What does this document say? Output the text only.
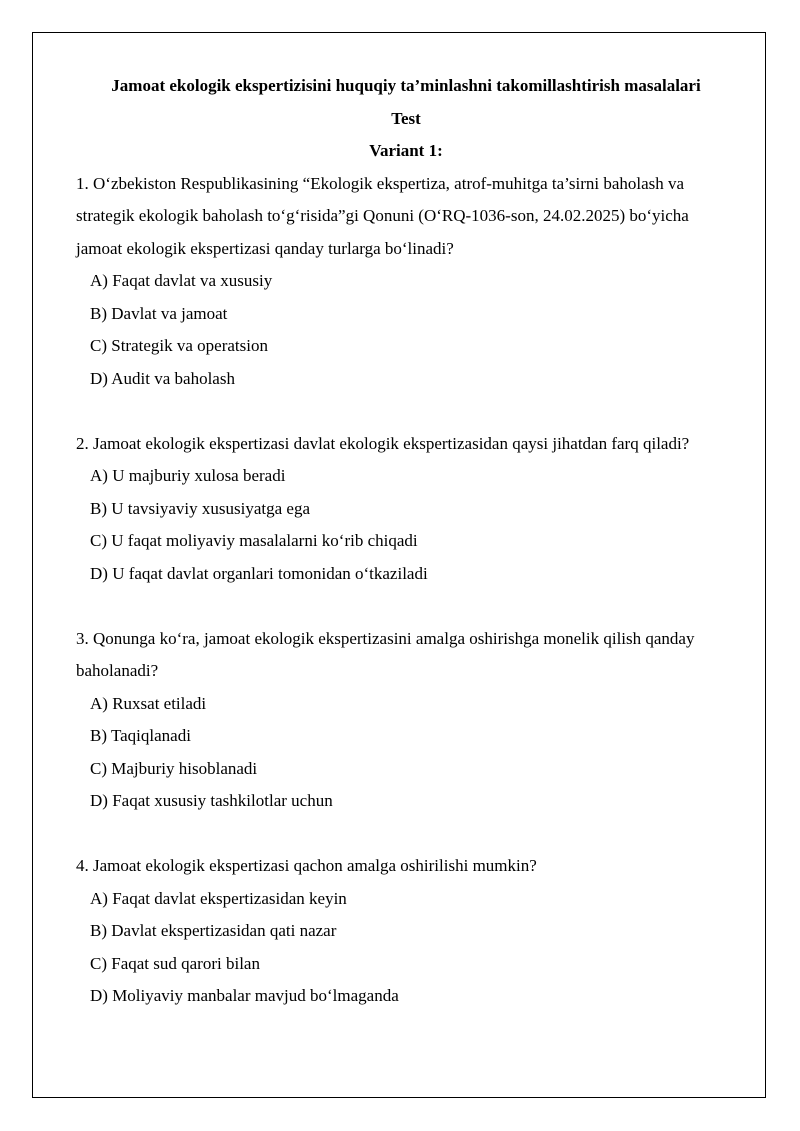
Jamoat ekologik ekspertizisini huquqiy ta’minlashni takomillashtirish masalalari

Test

Variant 1:

1. O‘zbekiston Respublikasining “Ekologik ekspertiza, atrof-muhitga ta’sirni baholash va strategik ekologik baholash to‘g‘risida”gi Qonuni (O‘RQ-1036-son, 24.02.2025) bo‘yicha jamoat ekologik ekspertizasi qanday turlarga bo‘linadi?

A) Faqat davlat va xususiy

B) Davlat va jamoat

C) Strategik va operatsion

D) Audit va baholash

2. Jamoat ekologik ekspertizasi davlat ekologik ekspertizasidan qaysi jihatdan farq qiladi?

A) U majburiy xulosa beradi

B) U tavsiyaviy xususiyatga ega

C) U faqat moliyaviy masalalarni ko‘rib chiqadi

D) U faqat davlat organlari tomonidan o‘tkaziladi

3. Qonunga ko‘ra, jamoat ekologik ekspertizasini amalga oshirishga monelik qilish qanday baholanadi?

A) Ruxsat etiladi

B) Taqiqlanadi

C) Majburiy hisoblanadi

D) Faqat xususiy tashkilotlar uchun

4. Jamoat ekologik ekspertizasi qachon amalga oshirilishi mumkin?

A) Faqat davlat ekspertizasidan keyin

B) Davlat ekspertizasidan qati nazar

C) Faqat sud qarori bilan

D) Moliyaviy manbalar mavjud bo‘lmaganda
